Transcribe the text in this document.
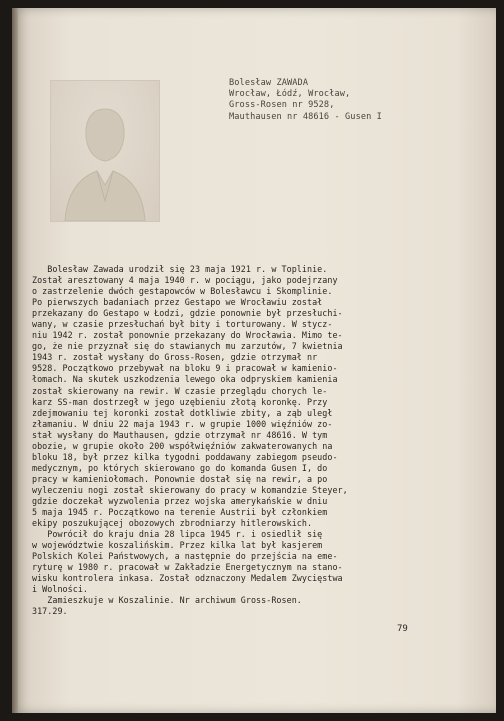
Bolesław ZAWADA
Wrocław, Łódź, Wrocław,
Gross-Rosen nr 9528,
Mauthausen nr 48616 - Gusen I
Bolesław Zawada urodził się 23 maja 1921 r. w Toplinie.
Został aresztowany 4 maja 1940 r. w pociągu, jako podejrzany
o zastrzelenie dwóch gestapowców w Bolesławcu i Skomplinie.
Po pierwszych badaniach przez Gestapo we Wrocławiu został
przekazany do Gestapo w Łodzi, gdzie ponownie był przesłuchi-
wany, w czasie przesłuchań był bity i torturowany. W stycz-
niu 1942 r. został ponownie przekazany do Wrocławia. Mimo te-
go, że nie przyznał się do stawianych mu zarzutów, 7 kwietnia
1943 r. został wysłany do Gross-Rosen, gdzie otrzymał nr
9528. Początkowo przebywał na bloku 9 i pracował w kamienio-
łomach. Na skutek uszkodzenia lewego oka odpryskiem kamienia
został skierowany na rewir. W czasie przeglądu chorych le-
karz SS-man dostrzegł w jego uzębieniu złotą koronkę. Przy
zdejmowaniu tej koronki został dotkliwie zbity, a ząb uległ
złamaniu. W dniu 22 maja 1943 r. w grupie 1000 więźniów zo-
stał wysłany do Mauthausen, gdzie otrzymał nr 48616. W tym
obozie, w grupie około 200 współwięźniów zakwaterowanych na
bloku 18, był przez kilka tygodni poddawany zabiegom pseudo-
medycznym, po których skierowano go do komanda Gusen I, do
pracy w kamieniołomach. Ponownie dostał się na rewir, a po
wyleczeniu nogi został skierowany do pracy w komandzie Steyer,
gdzie doczekał wyzwolenia przez wojska amerykańskie w dniu
5 maja 1945 r. Początkowo na terenie Austrii był członkiem
ekipy poszukującej obozowych zbrodniarzy hitlerowskich.
Powrócił do kraju dnia 28 lipca 1945 r. i osiedlił się
w województwie koszalińskim. Przez kilka lat był kasjerem
Polskich Kolei Państwowych, a następnie do przejścia na eme-
ryturę w 1980 r. pracował w Zakładzie Energetycznym na stano-
wisku kontrolera inkasa. Został odznaczony Medalem Zwycięstwa
i Wolności.
Zamieszkuje w Koszalinie. Nr archiwum Gross-Rosen.
317.29.
79
